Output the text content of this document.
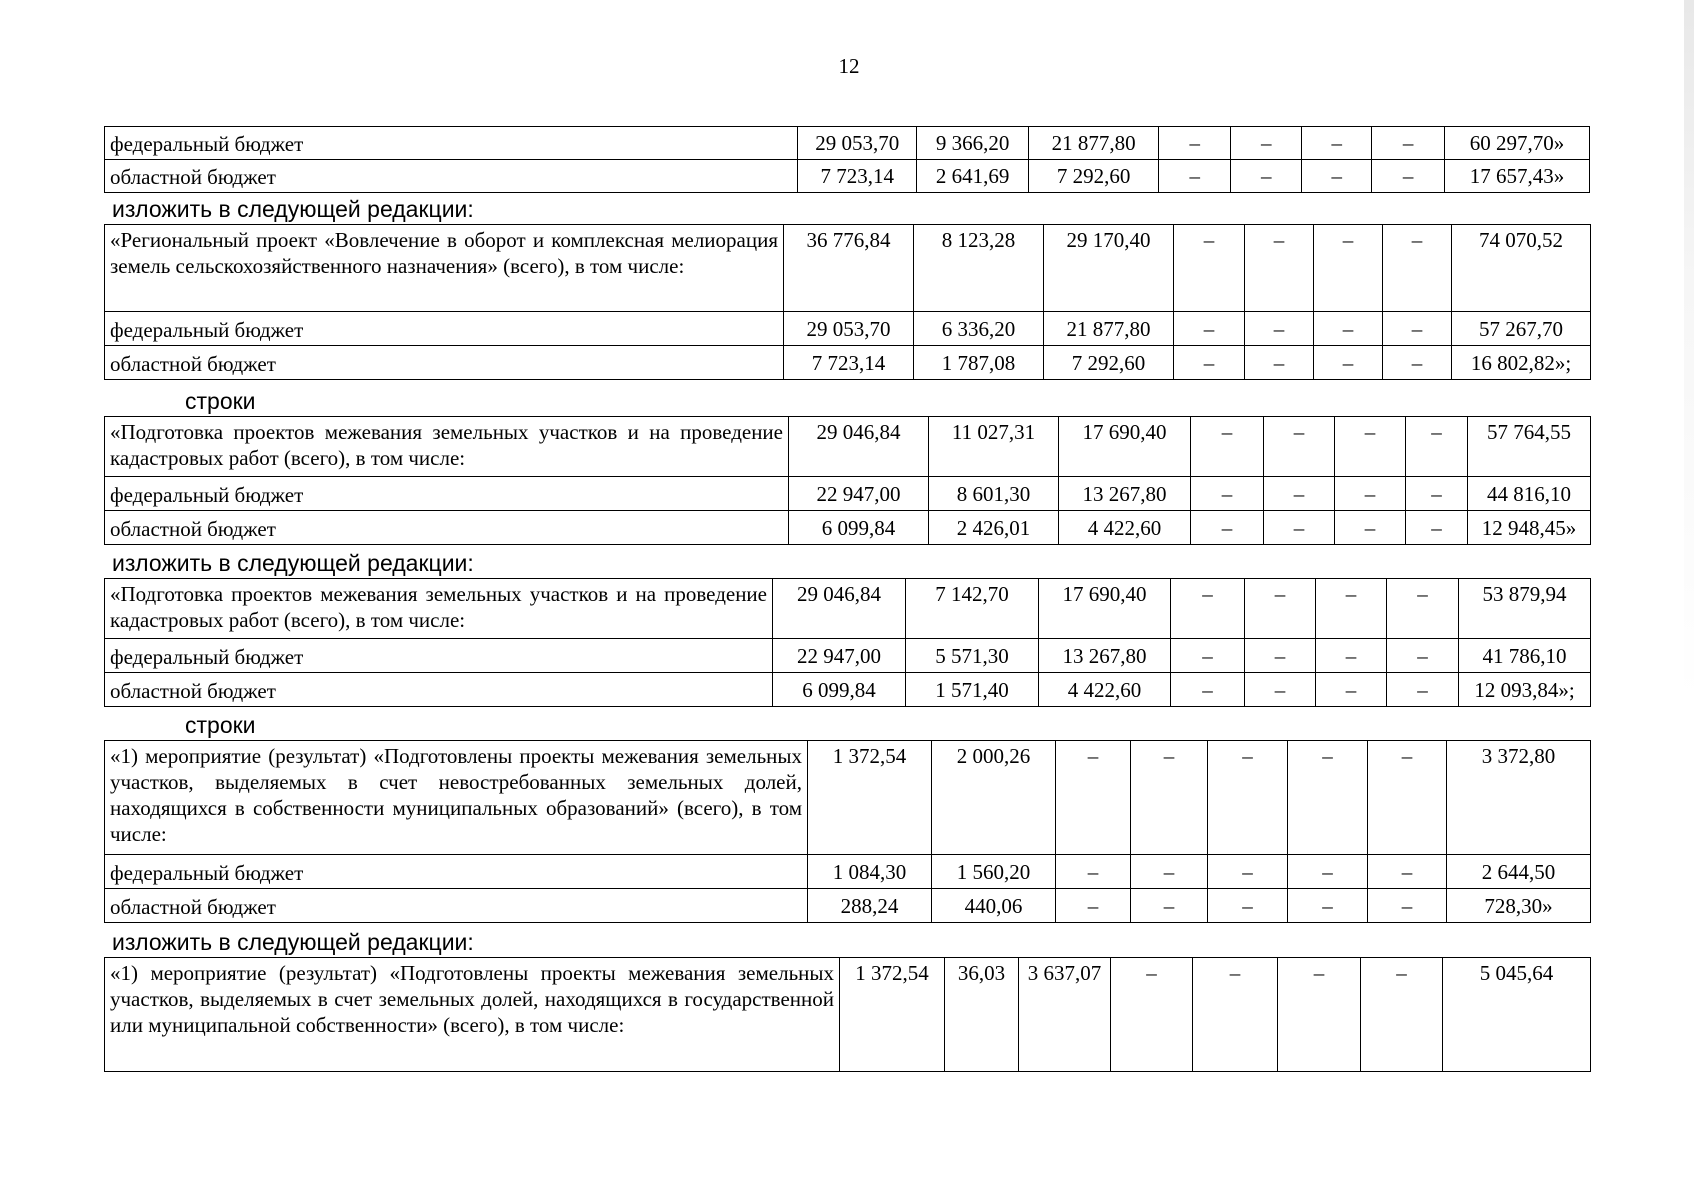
12
федеральный бюджет	29 053,70	9 366,20	21 877,80	–	–	–	–	60 297,70»
областной бюджет	7 723,14	2 641,69	7 292,60	–	–	–	–	17 657,43»
изложить в следующей редакции:
«Региональный проект «Вовлечение в оборот и комплексная мелиорация земель сельскохозяйственного назначения» (всего), в том числе:	36 776,84	8 123,28	29 170,40	–	–	–	–	74 070,52
федеральный бюджет	29 053,70	6 336,20	21 877,80	–	–	–	–	57 267,70
областной бюджет	7 723,14	1 787,08	7 292,60	–	–	–	–	16 802,82»;
строки
«Подготовка проектов межевания земельных участков и на проведение кадастровых работ (всего), в том числе:	29 046,84	11 027,31	17 690,40	–	–	–	–	57 764,55
федеральный бюджет	22 947,00	8 601,30	13 267,80	–	–	–	–	44 816,10
областной бюджет	6 099,84	2 426,01	4 422,60	–	–	–	–	12 948,45»
изложить в следующей редакции:
«Подготовка проектов межевания земельных участков и на проведение кадастровых работ (всего), в том числе:	29 046,84	7 142,70	17 690,40	–	–	–	–	53 879,94
федеральный бюджет	22 947,00	5 571,30	13 267,80	–	–	–	–	41 786,10
областной бюджет	6 099,84	1 571,40	4 422,60	–	–	–	–	12 093,84»;
строки
«1) мероприятие (результат) «Подготовлены проекты межевания земельных участков, выделяемых в счет невостребованных земельных долей, находящихся в собственности муниципальных образований» (всего), в том числе:	1 372,54	2 000,26	–	–	–	–	–	3 372,80
федеральный бюджет	1 084,30	1 560,20	–	–	–	–	–	2 644,50
областной бюджет	288,24	440,06	–	–	–	–	–	728,30»
изложить в следующей редакции:
«1) мероприятие (результат) «Подготовлены проекты межевания земельных участков, выделяемых в счет земельных долей, находящихся в государственной или муниципальной собственности» (всего), в том числе:	1 372,54	36,03	3 637,07	–	–	–	–	5 045,64
